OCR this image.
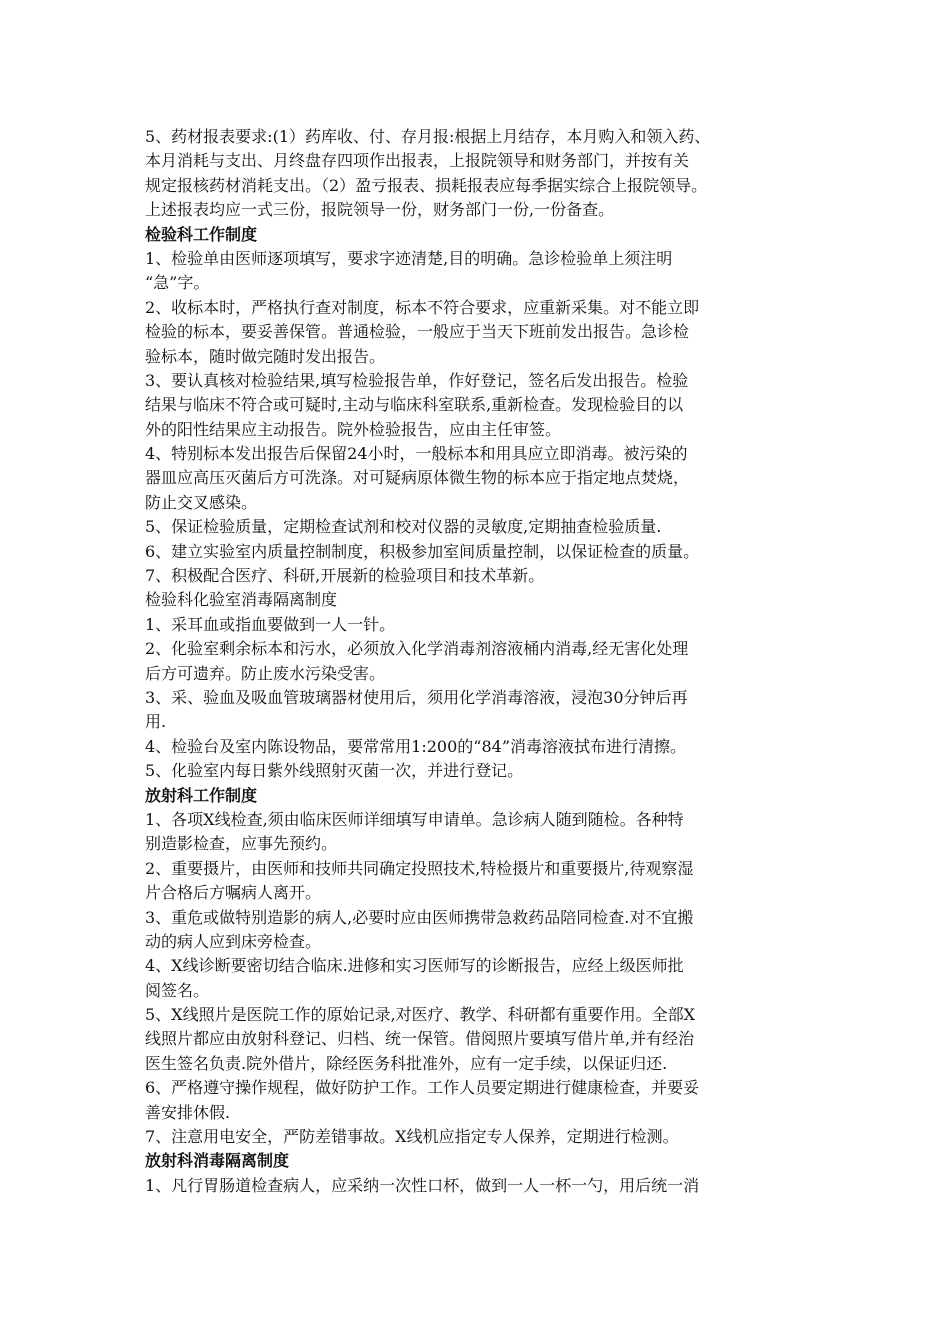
5、药材报表要求:(1）药库收、付、存月报:根据上月结存，本月购入和领入药、
本月消耗与支出、月终盘存四项作出报表，上报院领导和财务部门，并按有关
规定报核药材消耗支出。（2）盈亏报表、损耗报表应每季据实综合上报院领导。
上述报表均应一式三份，报院领导一份，财务部门一份,一份备查。
检验科工作制度
1、检验单由医师逐项填写，要求字迹清楚,目的明确。急诊检验单上须注明
“急”字。
2、收标本时，严格执行查对制度，标本不符合要求，应重新采集。对不能立即
检验的标本，要妥善保管。普通检验，一般应于当天下班前发出报告。急诊检
验标本，随时做完随时发出报告。
3、要认真核对检验结果,填写检验报告单，作好登记，签名后发出报告。检验
结果与临床不符合或可疑时,主动与临床科室联系,重新检查。发现检验目的以
外的阳性结果应主动报告。院外检验报告，应由主任审签。
4、特别标本发出报告后保留24小时，一般标本和用具应立即消毒。被污染的
器皿应高压灭菌后方可洗涤。对可疑病原体微生物的标本应于指定地点焚烧，
防止交叉感染。
5、保证检验质量，定期检查试剂和校对仪器的灵敏度,定期抽查检验质量.
6、建立实验室内质量控制制度，积极参加室间质量控制，以保证检查的质量。
7、积极配合医疗、科研,开展新的检验项目和技术革新。
检验科化验室消毒隔离制度
1、采耳血或指血要做到一人一针。
2、化验室剩余标本和污水，必须放入化学消毒剂溶液桶内消毒,经无害化处理
后方可遗弃。防止废水污染受害。
3、采、验血及吸血管玻璃器材使用后，须用化学消毒溶液，浸泡30分钟后再
用.
4、检验台及室内陈设物品，要常常用1:200的“84”消毒溶液拭布进行清擦。
5、化验室内每日紫外线照射灭菌一次，并进行登记。
放射科工作制度
1、各项X线检查,须由临床医师详细填写申请单。急诊病人随到随检。各种特
别造影检查，应事先预约。
2、重要摄片，由医师和技师共同确定投照技术,特检摄片和重要摄片,待观察湿
片合格后方嘱病人离开。
3、重危或做特别造影的病人,必要时应由医师携带急救药品陪同检查.对不宜搬
动的病人应到床旁检查。
4、X线诊断要密切结合临床.进修和实习医师写的诊断报告，应经上级医师批
阅签名。
5、X线照片是医院工作的原始记录,对医疗、教学、科研都有重要作用。全部X
线照片都应由放射科登记、归档、统一保管。借阅照片要填写借片单,并有经治
医生签名负责.院外借片，除经医务科批准外，应有一定手续，以保证归还.
6、严格遵守操作规程，做好防护工作。工作人员要定期进行健康检查，并要妥
善安排休假.
7、注意用电安全，严防差错事故。X线机应指定专人保养，定期进行检测。
放射科消毒隔离制度
1、凡行胃肠道检查病人，应采纳一次性口杯，做到一人一杯一勺，用后统一消
